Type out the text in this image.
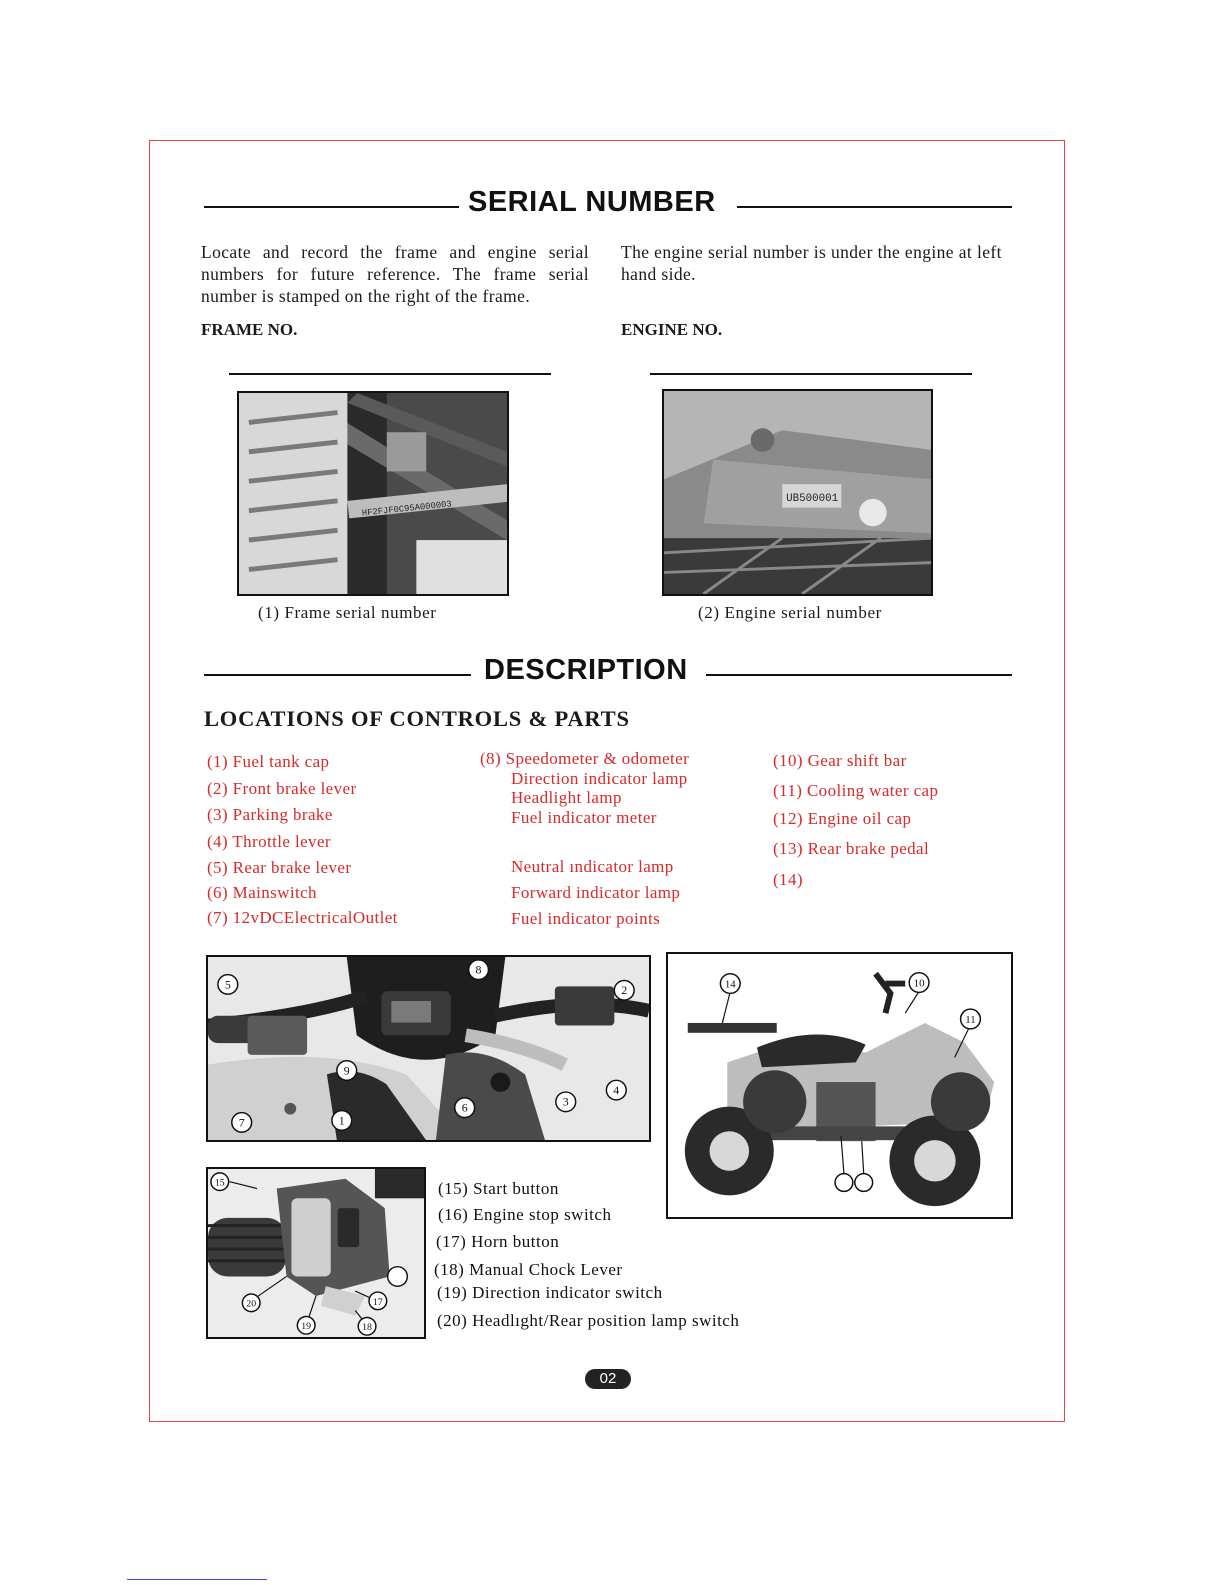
SERIAL NUMBER
Locate and record the frame and engine serial numbers for future reference. The frame serial number is stamped on the right of the frame.
The engine serial number is under the engine at left hand side.
FRAME NO.	ENGINE NO.
HF2FJF0C95A000003
UB500001
(1) Frame serial number	(2) Engine serial number
DESCRIPTION
LOCATIONS OF CONTROLS & PARTS
(1) Fuel tank cap
(2) Front brake lever
(3) Parking brake
(4) Throttle lever
(5) Rear brake lever
(6) Mainswitch
(7) 12vDCElectricalOutlet
(8) Speedometer & odometer
Direction indicator lamp
Headlight lamp
Fuel indicator meter
Neutral ındicator lamp
Forward indicator lamp
Fuel indicator points
(10) Gear shift bar
(11) Cooling water cap
(12) Engine oil cap
(13) Rear brake pedal
(14)
8
5	2
9
4
6	3
7	1
14	10
11
15
20
19	18
17
(15) Start button
(16) Engine stop switch
(17) Horn button
(18) Manual Chock Lever
(19) Direction indicator switch
(20) Headlıght/Rear position lamp switch
02
